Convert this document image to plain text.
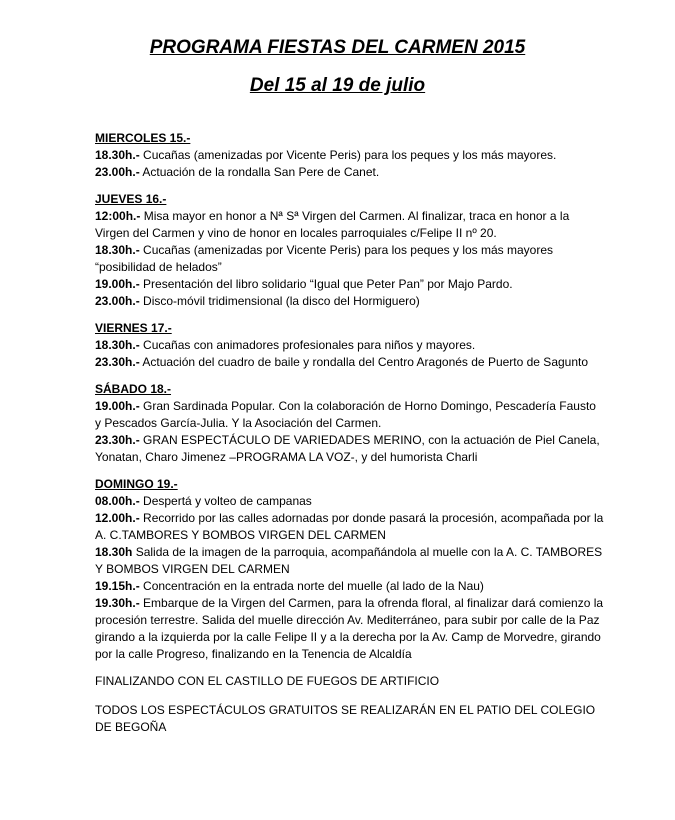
PROGRAMA FIESTAS DEL CARMEN 2015
Del 15 al 19 de julio
MIERCOLES 15.-
18.30h.- Cucañas (amenizadas por Vicente Peris) para los peques y los más mayores.
23.00h.- Actuación de la rondalla San Pere de Canet.
JUEVES 16.-
12:00h.- Misa mayor en honor a Nª Sª Virgen del Carmen. Al finalizar, traca en honor a la Virgen del Carmen y vino de honor en locales parroquiales c/Felipe II nº 20.
18.30h.- Cucañas (amenizadas por Vicente Peris) para los peques y los más mayores “posibilidad de helados”
19.00h.- Presentación del libro solidario “Igual que Peter Pan” por Majo Pardo.
23.00h.- Disco-móvil tridimensional (la disco del Hormiguero)
VIERNES 17.-
18.30h.- Cucañas con animadores profesionales para niños y mayores.
23.30h.- Actuación del cuadro de baile y rondalla del Centro Aragonés de Puerto de Sagunto
SÁBADO 18.-
19.00h.- Gran Sardinada Popular. Con la colaboración de Horno Domingo, Pescadería Fausto y Pescados García-Julia. Y la Asociación del Carmen.
23.30h.- GRAN ESPECTÁCULO DE VARIEDADES MERINO, con la actuación de Piel Canela, Yonatan, Charo Jimenez –PROGRAMA LA VOZ-, y del humorista Charli
DOMINGO 19.-
08.00h.- Despertá y volteo de campanas
12.00h.- Recorrido por las calles adornadas por donde pasará la procesión, acompañada por la A. C.TAMBORES Y BOMBOS VIRGEN DEL CARMEN
18.30h Salida de la imagen de la parroquia, acompañándola al muelle con la A. C. TAMBORES Y BOMBOS VIRGEN DEL CARMEN
19.15h.- Concentración en la entrada norte del muelle (al lado de la Nau)
19.30h.- Embarque de la Virgen del Carmen, para la ofrenda floral, al finalizar dará comienzo la procesión terrestre. Salida del muelle dirección Av. Mediterráneo, para subir por calle de la Paz girando a la izquierda por la calle Felipe II y a la derecha por la Av. Camp de Morvedre, girando por la calle Progreso, finalizando en la Tenencia de Alcaldía
FINALIZANDO CON EL CASTILLO DE FUEGOS DE ARTIFICIO
TODOS LOS ESPECTÁCULOS GRATUITOS SE REALIZARÁN EN EL PATIO DEL COLEGIO DE BEGOÑA
